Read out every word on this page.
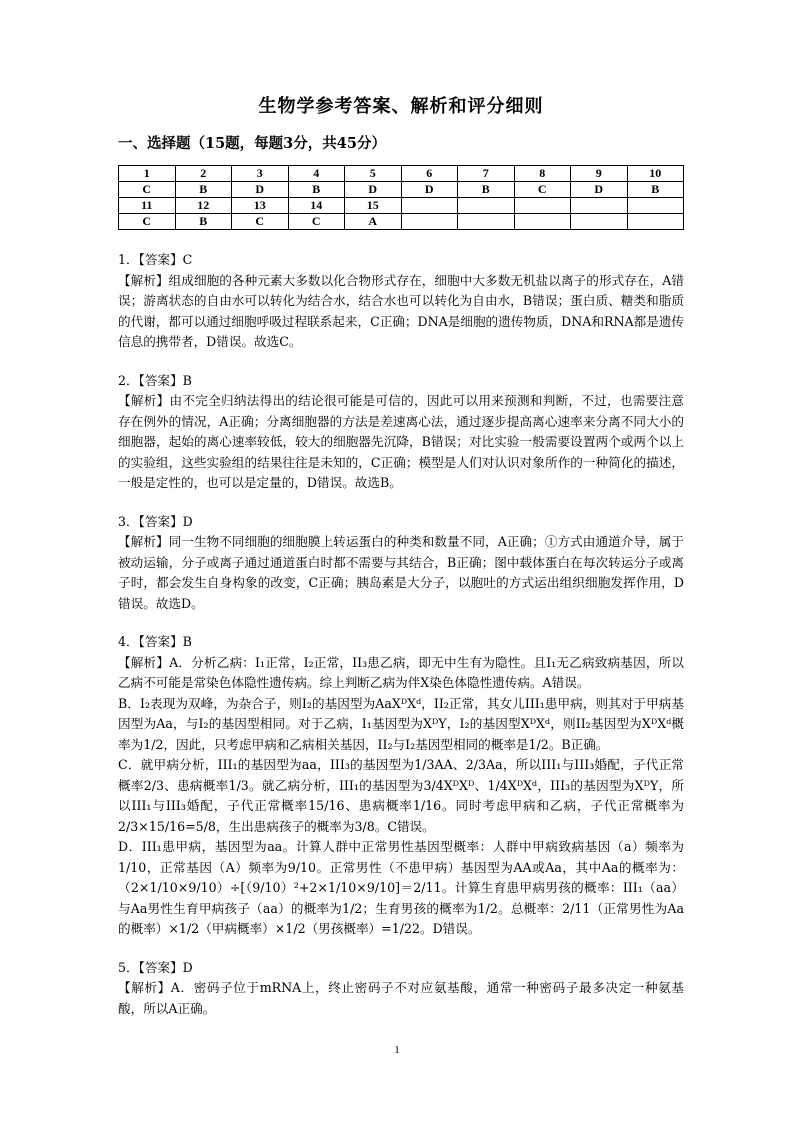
生物学参考答案、解析和评分细则
一、选择题（15题，每题3分，共45分）
1	2	3	4	5	6	7	8	9	10
C	B	D	B	D	D	B	C	D	B
11	12	13	14	15					
C	B	C	C	A					

1．【答案】C

【解析】组成细胞的各种元素大多数以化合物形式存在，细胞中大多数无机盐以离子的形式存在，A错误；游离状态的自由水可以转化为结合水，结合水也可以转化为自由水，B错误；蛋白质、糖类和脂质的代谢，都可以通过细胞呼吸过程联系起来，C正确；DNA是细胞的遗传物质，DNA和RNA都是遗传信息的携带者，D错误。故选C。

2．【答案】B

【解析】由不完全归纳法得出的结论很可能是可信的，因此可以用来预测和判断，不过，也需要注意存在例外的情况，A正确；分离细胞器的方法是差速离心法，通过逐步提高离心速率来分离不同大小的细胞器，起始的离心速率较低，较大的细胞器先沉降，B错误；对比实验一般需要设置两个或两个以上的实验组，这些实验组的结果往往是未知的，C正确；模型是人们对认识对象所作的一种简化的描述，一般是定性的，也可以是定量的，D错误。故选B。

3．【答案】D

【解析】同一生物不同细胞的细胞膜上转运蛋白的种类和数量不同，A正确；①方式由通道介导，属于被动运输，分子或离子通过通道蛋白时都不需要与其结合，B正确；图中载体蛋白在每次转运分子或离子时，都会发生自身构象的改变，C正确；胰岛素是大分子，以胞吐的方式运出组织细胞发挥作用，D错误。故选D。

4．【答案】B

【解析】A．分析乙病：I₁正常，I₂正常，II₃患乙病，即无中生有为隐性。且I₁无乙病致病基因，所以乙病不可能是常染色体隐性遗传病。综上判断乙病为伴X染色体隐性遗传病。A错误。

B．I₂表现为双峰，为杂合子，则I₂的基因型为AaXᴰXᵈ，II₂正常，其女儿III₁患甲病，则其对于甲病基因型为Aa，与I₂的基因型相同。对于乙病，I₁基因型为XᴰY，I₂的基因型XᴰXᵈ，则II₂基因型为XᴰXᵈ概率为1/2，因此，只考虑甲病和乙病相关基因，II₂与I₂基因型相同的概率是1/2。B正确。

C．就甲病分析，III₁的基因型为aa，III₃的基因型为1/3AA、2/3Aa，所以III₁与III₃婚配，子代正常概率2/3、患病概率1/3。就乙病分析，III₁的基因型为3/4XᴰXᴰ、1/4XᴰXᵈ，III₃的基因型为XᴰY，所以III₁与III₃婚配，子代正常概率15/16、患病概率1/16。同时考虑甲病和乙病，子代正常概率为2/3×15/16=5/8，生出患病孩子的概率为3/8。C错误。

D．III₁患甲病，基因型为aa。计算人群中正常男性基因型概率：人群中甲病致病基因（a）频率为1/10，正常基因（A）频率为9/10。正常男性（不患甲病）基因型为AA或Aa，其中Aa的概率为：（2×1/10×9/10）÷[（9/10）²+2×1/10×9/10]＝2/11。计算生育患甲病男孩的概率：III₁（aa）与Aa男性生育甲病孩子（aa）的概率为1/2；生育男孩的概率为1/2。总概率：2/11（正常男性为Aa的概率）×1/2（甲病概率）×1/2（男孩概率）=1/22。D错误。

5．【答案】D

【解析】A．密码子位于mRNA上，终止密码子不对应氨基酸，通常一种密码子最多决定一种氨基酸，所以A正确。

1
